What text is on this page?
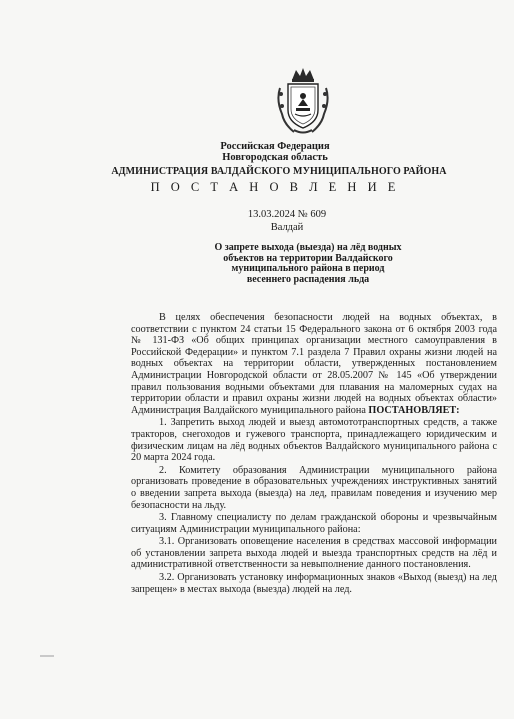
Российская Федерация
Новгородская область
АДМИНИСТРАЦИЯ ВАЛДАЙСКОГО МУНИЦИПАЛЬНОГО РАЙОНА
П О С Т А Н О В Л Е Н И Е
13.03.2024 № 609
Валдай
О запрете выхода (выезда) на лёд водных
объектов на территории Валдайского
муниципального района в период
весеннего распадения льда

В целях обеспечения безопасности людей на водных объектах, в соответствии с пунктом 24 статьи 15 Федерального закона от 6 октября 2003 года № 131-ФЗ «Об общих принципах организации местного самоуправления в Российской Федерации» и пунктом 7.1 раздела 7 Правил охраны жизни людей на водных объектах на территории области, утвержденных постановлением Администрации Новгородской области от 28.05.2007 № 145 «Об утверждении правил пользования водными объектами для плавания на маломерных судах на территории области и правил охраны жизни людей на водных объектах области» Администрация Валдайского муниципального района ПОСТАНОВЛЯЕТ:

1. Запретить выход людей и выезд автомототранспортных средств, а также тракторов, снегоходов и гужевого транспорта, принадлежащего юридическим и физическим лицам на лёд водных объектов Валдайского муниципального района с 20 марта 2024 года.

2. Комитету образования Администрации муниципального района организовать проведение в образовательных учреждениях инструктивных занятий о введении запрета выхода (выезда) на лед, правилам поведения и изучению мер безопасности на льду.

3. Главному специалисту по делам гражданской обороны и чрезвычайным ситуациям Администрации муниципального района:

3.1. Организовать оповещение населения в средствах массовой информации об установлении запрета выхода людей и выезда транспортных средств на лёд и административной ответственности за невыполнение данного постановления.

3.2. Организовать установку информационных знаков «Выход (выезд) на лед запрещен» в местах выхода (выезда) людей на лед.
